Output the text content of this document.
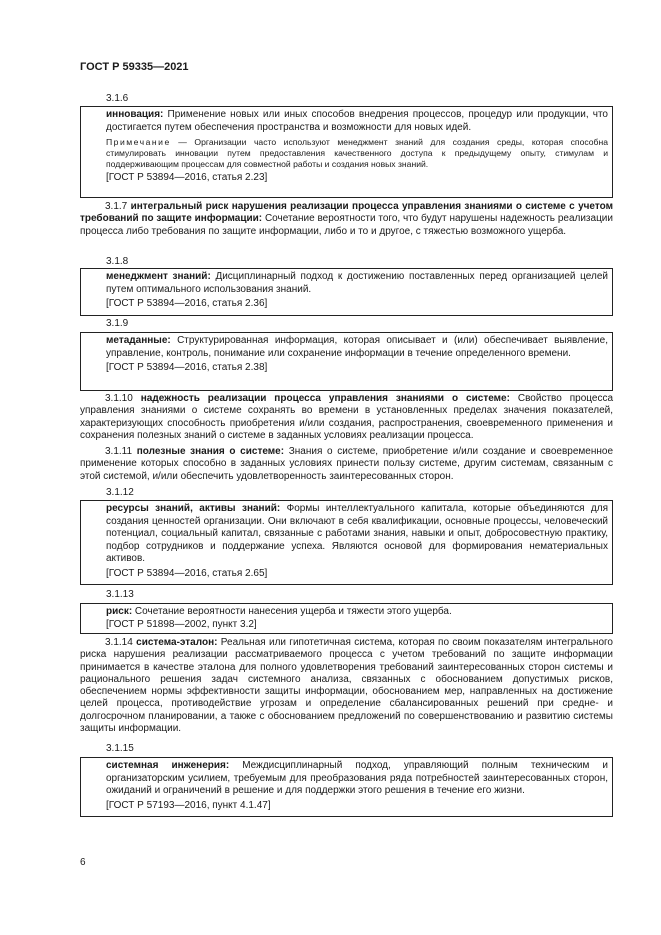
ГОСТ Р 59335—2021
3.1.6

инновация: Применение новых или иных способов внедрения процессов, процедур или продукции, что достигается путем обеспечения пространства и возможности для новых идей.

Примечание — Организации часто используют менеджмент знаний для создания среды, которая способна стимулировать инновации путем предоставления качественного доступа к предыдущему опыту, стимулам и поддерживающим процессам для совместной работы и создания новых знаний.

[ГОСТ Р 53894—2016, статья 2.23]

3.1.7 интегральный риск нарушения реализации процесса управления знаниями о системе с учетом требований по защите информации: Сочетание вероятности того, что будут нарушены надежность реализации процесса либо требования по защите информации, либо и то и другое, с тяжестью возможного ущерба.

3.1.8

менеджмент знаний: Дисциплинарный подход к достижению поставленных перед организацией целей путем оптимального использования знаний.

[ГОСТ Р 53894—2016, статья 2.36]

3.1.9

метаданные: Структурированная информация, которая описывает и (или) обеспечивает выявление, управление, контроль, понимание или сохранение информации в течение определенного времени.

[ГОСТ Р 53894—2016, статья 2.38]

3.1.10 надежность реализации процесса управления знаниями о системе: Свойство процесса управления знаниями о системе сохранять во времени в установленных пределах значения показателей, характеризующих способность приобретения и/или создания, распространения, своевременного применения и сохранения полезных знаний о системе в заданных условиях реализации процесса.

3.1.11 полезные знания о системе: Знания о системе, приобретение и/или создание и своевременное применение которых способно в заданных условиях принести пользу системе, другим системам, связанным с этой системой, и/или обеспечить удовлетворенность заинтересованных сторон.

3.1.12

ресурсы знаний, активы знаний: Формы интеллектуального капитала, которые объединяются для создания ценностей организации. Они включают в себя квалификации, основные процессы, человеческий потенциал, социальный капитал, связанные с работами знания, навыки и опыт, добросовестную практику, подбор сотрудников и поддержание успеха. Являются основой для формирования нематериальных активов.

[ГОСТ Р 53894—2016, статья 2.65]

3.1.13

риск: Сочетание вероятности нанесения ущерба и тяжести этого ущерба.

[ГОСТ Р 51898—2002, пункт 3.2]

3.1.14 система-эталон: Реальная или гипотетичная система, которая по своим показателям интегрального риска нарушения реализации рассматриваемого процесса с учетом требований по защите информации принимается в качестве эталона для полного удовлетворения требований заинтересованных сторон системы и рационального решения задач системного анализа, связанных с обоснованием допустимых рисков, обеспечением нормы эффективности защиты информации, обоснованием мер, направленных на достижение целей процесса, противодействие угрозам и определение сбалансированных решений при средне- и долгосрочном планировании, а также с обоснованием предложений по совершенствованию и развитию системы защиты информации.

3.1.15

системная инженерия: Междисциплинарный подход, управляющий полным техническим и организаторским усилием, требуемым для преобразования ряда потребностей заинтересованных сторон, ожиданий и ограничений в решение и для поддержки этого решения в течение его жизни.

[ГОСТ Р 57193—2016, пункт 4.1.47]

6
